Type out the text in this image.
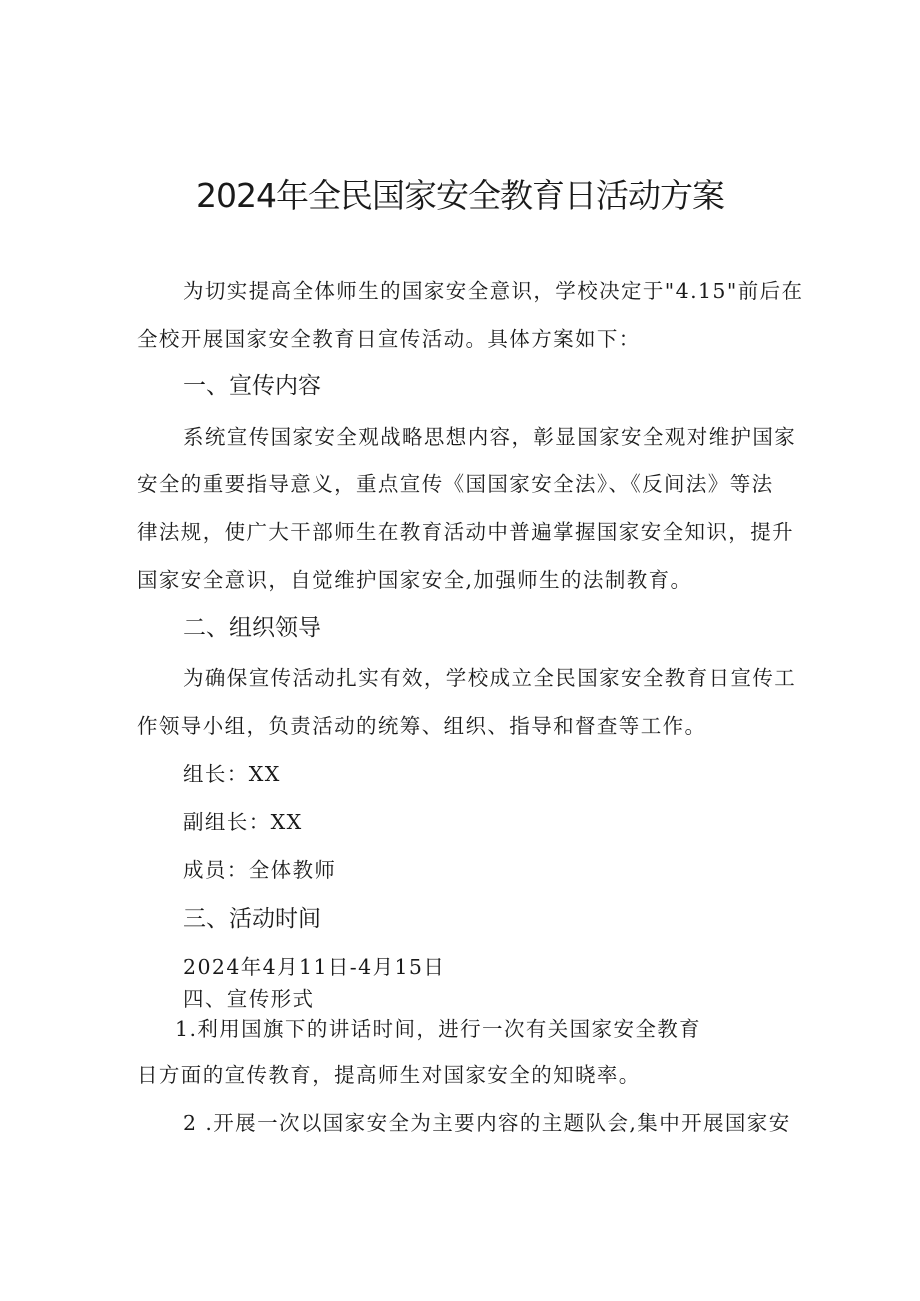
2024年全民国家安全教育日活动方案
为切实提高全体师生的国家安全意识，学校决定于"4.15"前后在
全校开展国家安全教育日宣传活动。具体方案如下：
一、宣传内容
系统宣传国家安全观战略思想内容，彰显国家安全观对维护国家
安全的重要指导意义，重点宣传《国国家安全法》、《反间法》等法
律法规，使广大干部师生在教育活动中普遍掌握国家安全知识，提升
国家安全意识，自觉维护国家安全,加强师生的法制教育。
二、组织领导
为确保宣传活动扎实有效，学校成立全民国家安全教育日宣传工
作领导小组，负责活动的统筹、组织、指导和督查等工作。
组长：XX
副组长：XX
成员：全体教师
三、活动时间
2024年4月11日-4月15日
四、宣传形式
1.利用国旗下的讲话时间，进行一次有关国家安全教育
日方面的宣传教育，提高师生对国家安全的知晓率。
2 .开展一次以国家安全为主要内容的主题队会,集中开展国家安
